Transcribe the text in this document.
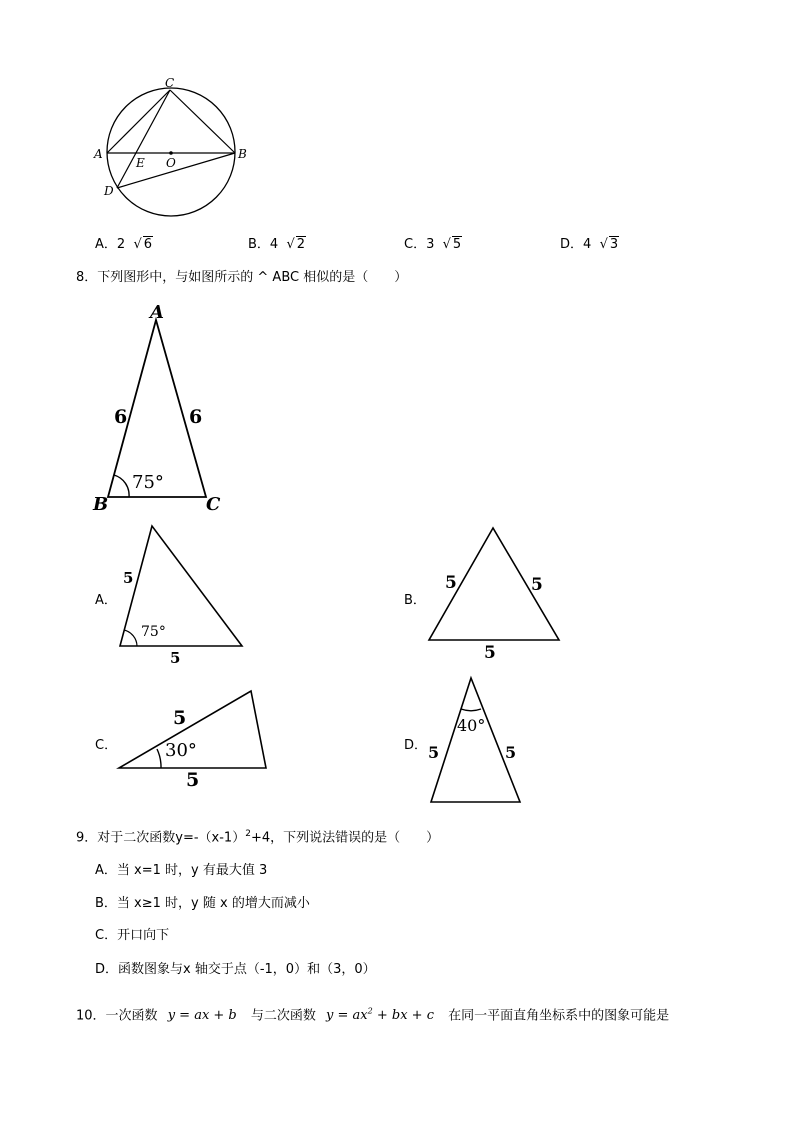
C
A	B
E O
D
A．2 √ 6	B．4 √ 2	C．3 √ 5	D．4 √ 3
8．下列图形中，与如图所示的 ^ ABC 相似的是（　　）
A
B	C
6	6
75°
A．
5
5
75°
B．
5	5
5
C．
5
5
30°	D．
40°
5	5
9．对于二次函数$y=-(x-1)^2+4$，下列说法错误的是（　　）
A．当 x=1 时，y 有最大值 3
B．当 x≥1 时，y 随 x 的增大而减小
C．开口向下
D．函数图象与x 轴交于点（-1，0）和（3，0）
10．一次函数 y = ax + b 与二次函数 $y = ax^2$ + bx + c 在同一平面直角坐标系中的图象可能是
